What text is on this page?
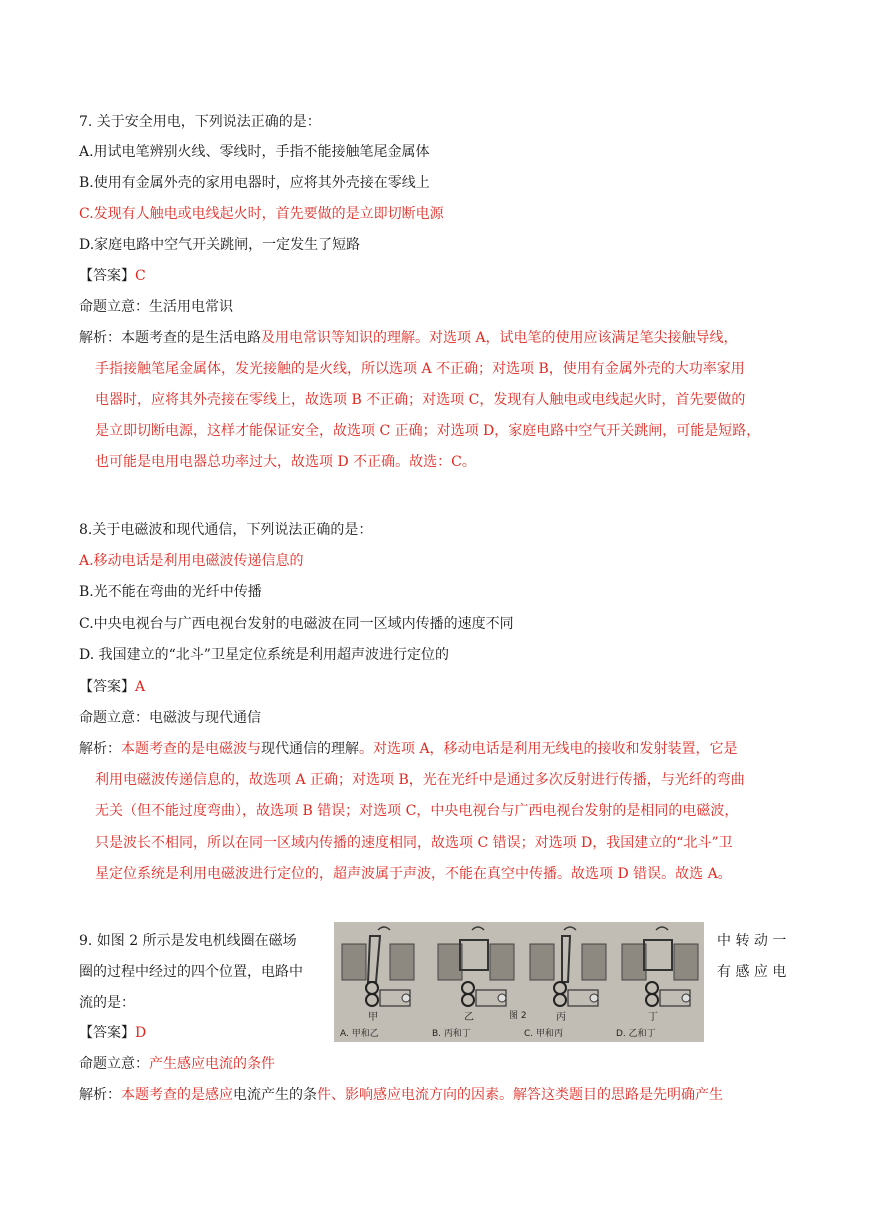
7. 关于安全用电，下列说法正确的是：
A.用试电笔辨别火线、零线时，手指不能接触笔尾金属体
B.使用有金属外壳的家用电器时，应将其外壳接在零线上
C.发现有人触电或电线起火时，首先要做的是立即切断电源
D.家庭电路中空气开关跳闸，一定发生了短路
【答案】C
命题立意：生活用电常识
解析：本题考查的是生活电路及用电常识等知识的理解。对选项 A，试电笔的使用应该满足笔尖接触导线，
手指接触笔尾金属体，发光接触的是火线，所以选项 A 不正确；对选项 B，使用有金属外壳的大功率家用
电器时，应将其外壳接在零线上，故选项 B 不正确；对选项 C，发现有人触电或电线起火时，首先要做的
是立即切断电源，这样才能保证安全，故选项 C 正确；对选项 D，家庭电路中空气开关跳闸，可能是短路，
也可能是电用电器总功率过大，故选项 D 不正确。故选：C。
8.关于电磁波和现代通信，下列说法正确的是：
A.移动电话是利用电磁波传递信息的
B.光不能在弯曲的光纤中传播
C.中央电视台与广西电视台发射的电磁波在同一区域内传播的速度不同
D. 我国建立的“北斗”卫星定位系统是利用超声波进行定位的
【答案】A
命题立意：电磁波与现代通信
解析：本题考查的是电磁波与现代通信的理解。对选项 A，移动电话是利用无线电的接收和发射装置，它是
利用电磁波传递信息的，故选项 A 正确；对选项 B，光在光纤中是通过多次反射进行传播，与光纤的弯曲
无关（但不能过度弯曲），故选项 B 错误；对选项 C，中央电视台与广西电视台发射的是相同的电磁波，
只是波长不相同，所以在同一区域内传播的速度相同，故选项 C 错误；对选项 D，我国建立的“北斗”卫
星定位系统是利用电磁波进行定位的，超声波属于声波，不能在真空中传播。故选项 D 错误。故选 A。
9. 如图 2 所示是发电机线圈在磁场
圈的过程中经过的四个位置，电路中
流的是：
中 转 动 一
有 感 应 电
【答案】D
命题立意：产生感应电流的条件
解析：本题考查的是感应电流产生的条件、影响感应电流方向的因素。解答这类题目的思路是先明确产生
甲	乙	丙	丁
图 2
A. 甲和乙	B. 丙和丁	C. 甲和丙	D. 乙和丁
